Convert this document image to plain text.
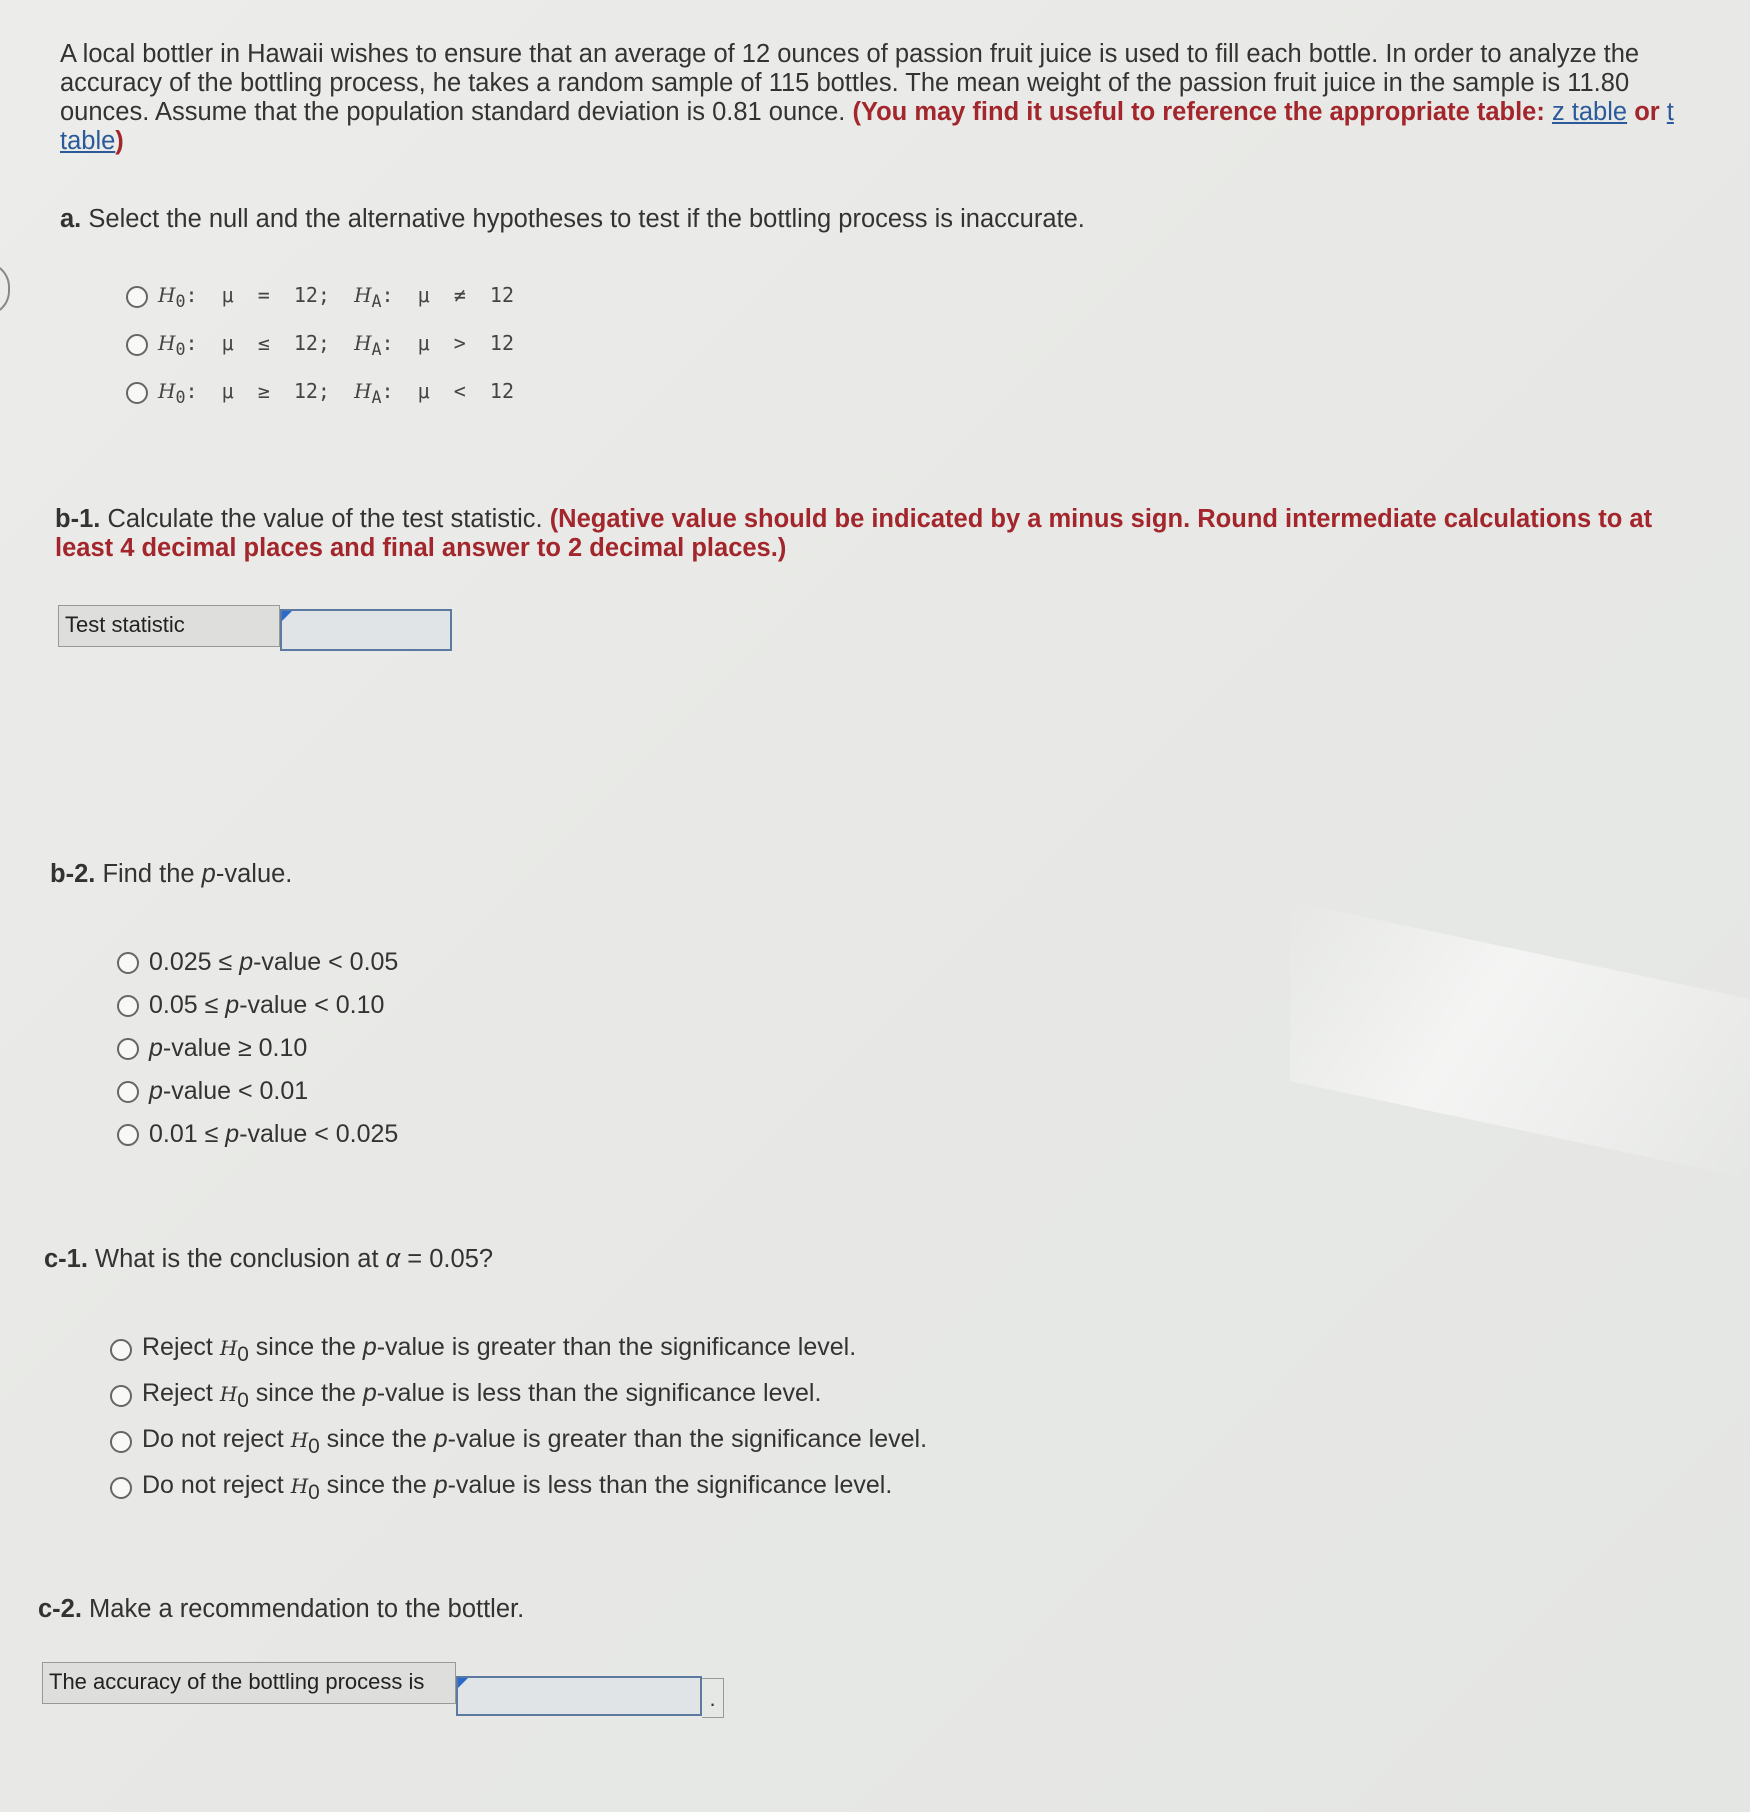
A local bottler in Hawaii wishes to ensure that an average of 12 ounces of passion fruit juice is used to fill each bottle. In order to analyze the accuracy of the bottling process, he takes a random sample of 115 bottles. The mean weight of the passion fruit juice in the sample is 11.80 ounces. Assume that the population standard deviation is 0.81 ounce. (You may find it useful to reference the appropriate table: z table or t table)
a. Select the null and the alternative hypotheses to test if the bottling process is inaccurate.
$H_0$:  μ  =  12;  $H_A$:  μ  ≠  12
$H_0$:  μ  ≤  12;  $H_A$:  μ  >  12
$H_0$:  μ  ≥  12;  $H_A$:  μ  <  12
b-1. Calculate the value of the test statistic. (Negative value should be indicated by a minus sign. Round intermediate calculations to at least 4 decimal places and final answer to 2 decimal places.)
Test statistic
b-2. Find the p-value.
0.025 ≤ p-value < 0.05
0.05 ≤ p-value < 0.10
p-value ≥ 0.10
p-value < 0.01
0.01 ≤ p-value < 0.025
c-1. What is the conclusion at α = 0.05?
Reject $H_0$ since the p-value is greater than the significance level.
Reject $H_0$ since the p-value is less than the significance level.
Do not reject $H_0$ since the p-value is greater than the significance level.
Do not reject $H_0$ since the p-value is less than the significance level.
c-2. Make a recommendation to the bottler.
The accuracy of the bottling process is
.
